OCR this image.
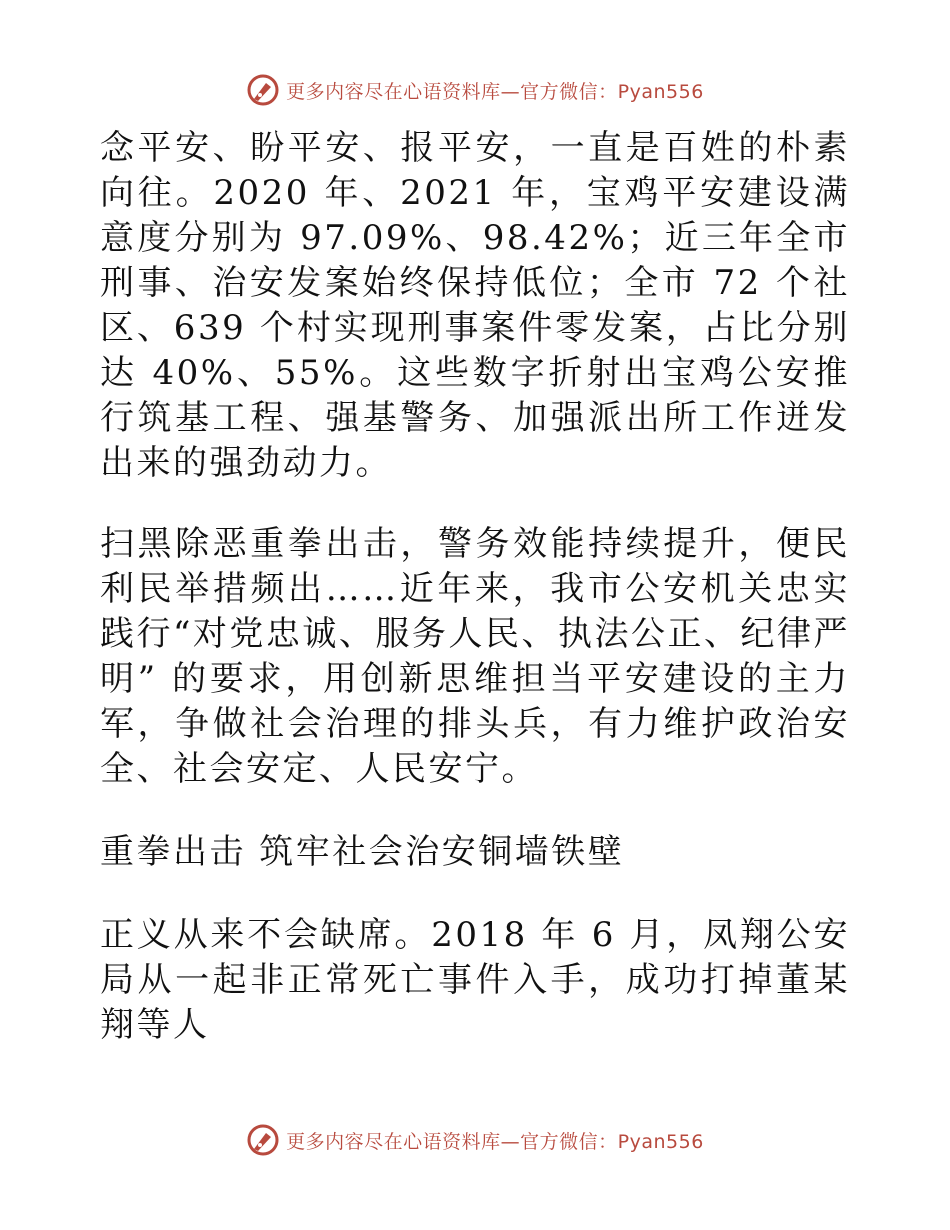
更多内容尽在心语资料库—官方微信：Pyan556

念平安、盼平安、报平安，一直是百姓的朴素向往。2020 年、2021 年，宝鸡平安建设满意度分别为 97.09%、98.42%；近三年全市刑事、治安发案始终保持低位；全市 72 个社区、639 个村实现刑事案件零发案，占比分别达 40%、55%。这些数字折射出宝鸡公安推行筑基工程、强基警务、加强派出所工作迸发出来的强劲动力。

扫黑除恶重拳出击，警务效能持续提升，便民利民举措频出……近年来，我市公安机关忠实践行“对党忠诚、服务人民、执法公正、纪律严明” 的要求，用创新思维担当平安建设的主力军，争做社会治理的排头兵，有力维护政治安全、社会安定、人民安宁。

重拳出击 筑牢社会治安铜墙铁壁

正义从来不会缺席。2018 年 6 月，凤翔公安局从一起非正常死亡事件入手，成功打掉董某翔等人

更多内容尽在心语资料库—官方微信：Pyan556
